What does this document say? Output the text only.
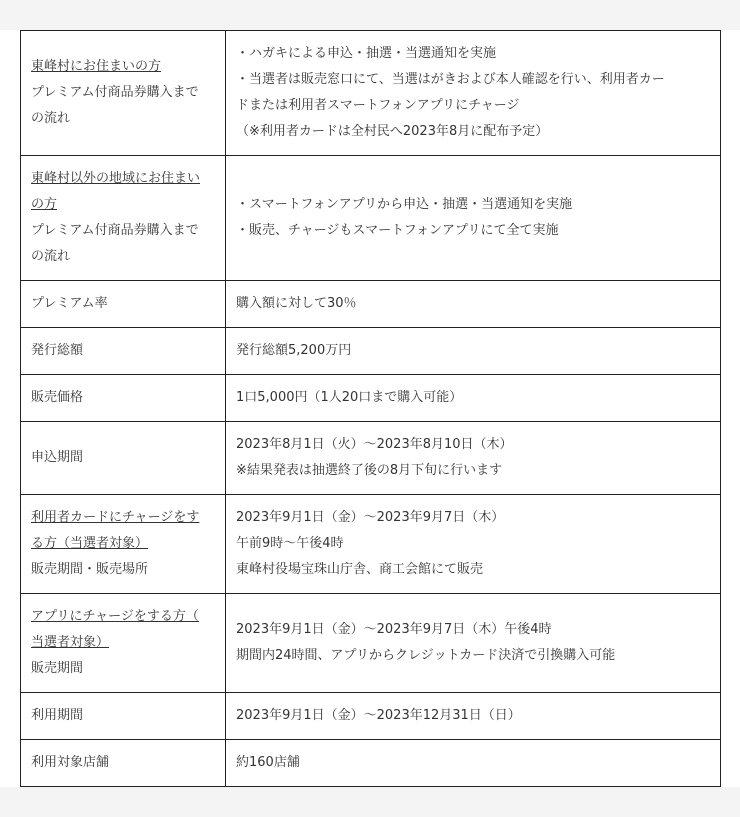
東峰村にお住まいの方
プレミアム付商品券購入まで
の流れ	・ハガキによる申込・抽選・当選通知を実施
・当選者は販売窓口にて、当選はがきおよび本人確認を行い、利用者カー
ドまたは利用者スマートフォンアプリにチャージ
（※利用者カードは全村民へ2023年8月に配布予定）

東峰村以外の地域にお住まい
の方
プレミアム付商品券購入まで
の流れ	・スマートフォンアプリから申込・抽選・当選通知を実施
・販売、チャージもスマートフォンアプリにて全て実施

プレミアム率	購入額に対して30％

発行総額	発行総額5,200万円

販売価格	1口5,000円（1人20口まで購入可能）

申込期間	2023年8月1日（火）～2023年8月10日（木）
※結果発表は抽選終了後の8月下旬に行います

利用者カードにチャージをす
る方（当選者対象）
販売期間・販売場所	2023年9月1日（金）～2023年9月7日（木）
午前9時～午後4時
東峰村役場宝珠山庁舎、商工会館にて販売

アプリにチャージをする方（
当選者対象）
販売期間	2023年9月1日（金）～2023年9月7日（木）午後4時
期間内24時間、アプリからクレジットカード決済で引換購入可能

利用期間	2023年9月1日（金）～2023年12月31日（日）

利用対象店舗	約160店舗
